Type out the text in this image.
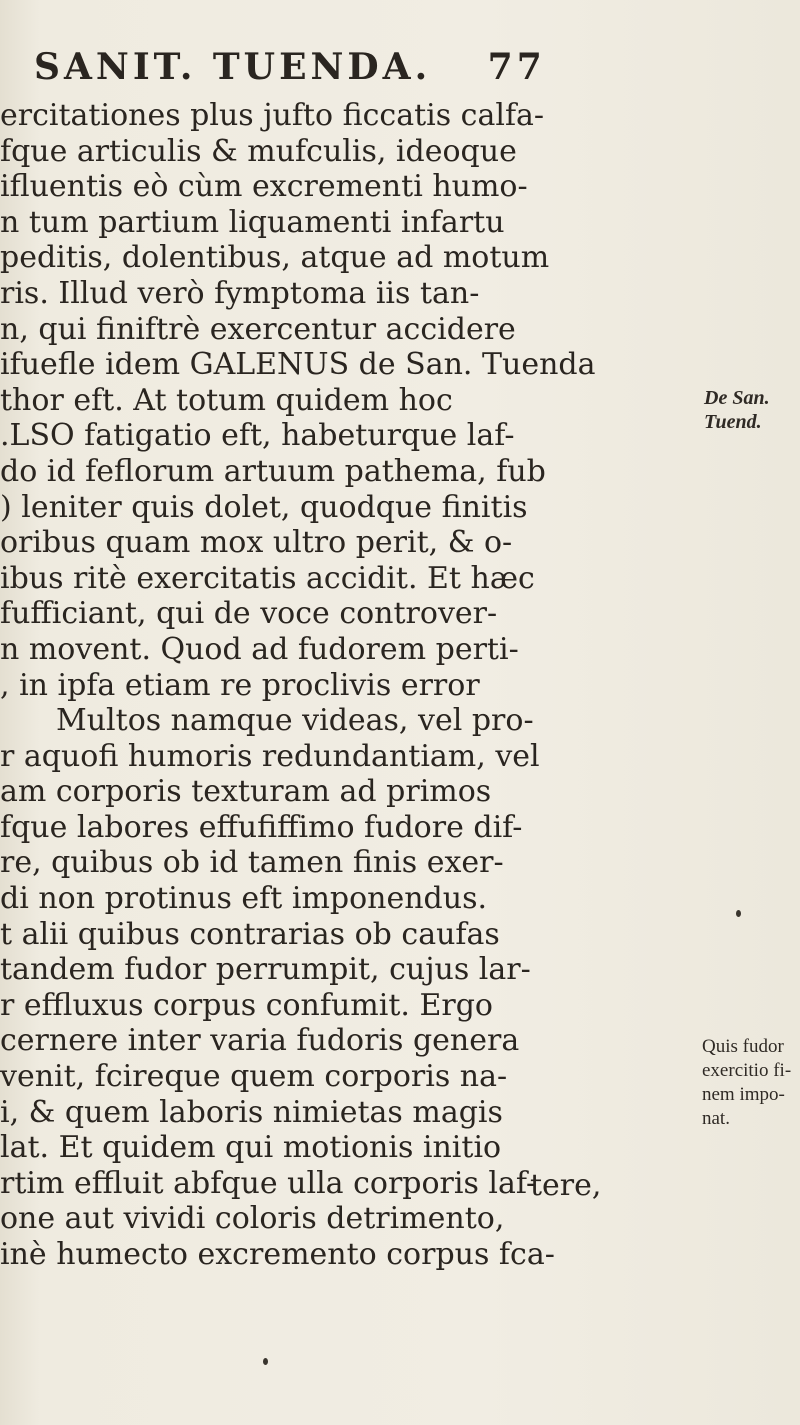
SANIT. TUENDA. 77
ercitationes plus jufto ficcatis calfa-
fque articulis & mufculis, ideoque
ifluentis eò cùm excrementi humo-
n tum partium liquamenti infartu
peditis, dolentibus, atque ad motum
ris. Illud verò fymptoma iis tan-
n, qui finiftrè exercentur accidere
ifuefle idem GALENUS de San. Tuenda
thor eft. At totum quidem hoc
.LSO fatigatio eft, habeturque laf-
do id feflorum artuum pathema, fub
) leniter quis dolet, quodque finitis
oribus quam mox ultro perit, & o-
ibus ritè exercitatis accidit. Et hæc
fufficiant, qui de voce controver-
n movent. Quod ad fudorem perti-
, in ipfa etiam re proclivis error
Multos namque videas, vel pro-
r aquofi humoris redundantiam, vel
am corporis texturam ad primos
fque labores effufiffimo fudore dif-
re, quibus ob id tamen finis exer-
di non protinus eft imponendus.
t alii quibus contrarias ob caufas
tandem fudor perrumpit, cujus lar-
r effluxus corpus confumit. Ergo
cernere inter varia fudoris genera
venit, fcireque quem corporis na-
i, & quem laboris nimietas magis
lat. Et quidem qui motionis initio
rtim effluit abfque ulla corporis laf-
one aut vividi coloris detrimento,
inè humecto excremento corpus fca-
tere,
De San.
Tuend.
Quis fudor
exercitio fi-
nem impo-
nat.
